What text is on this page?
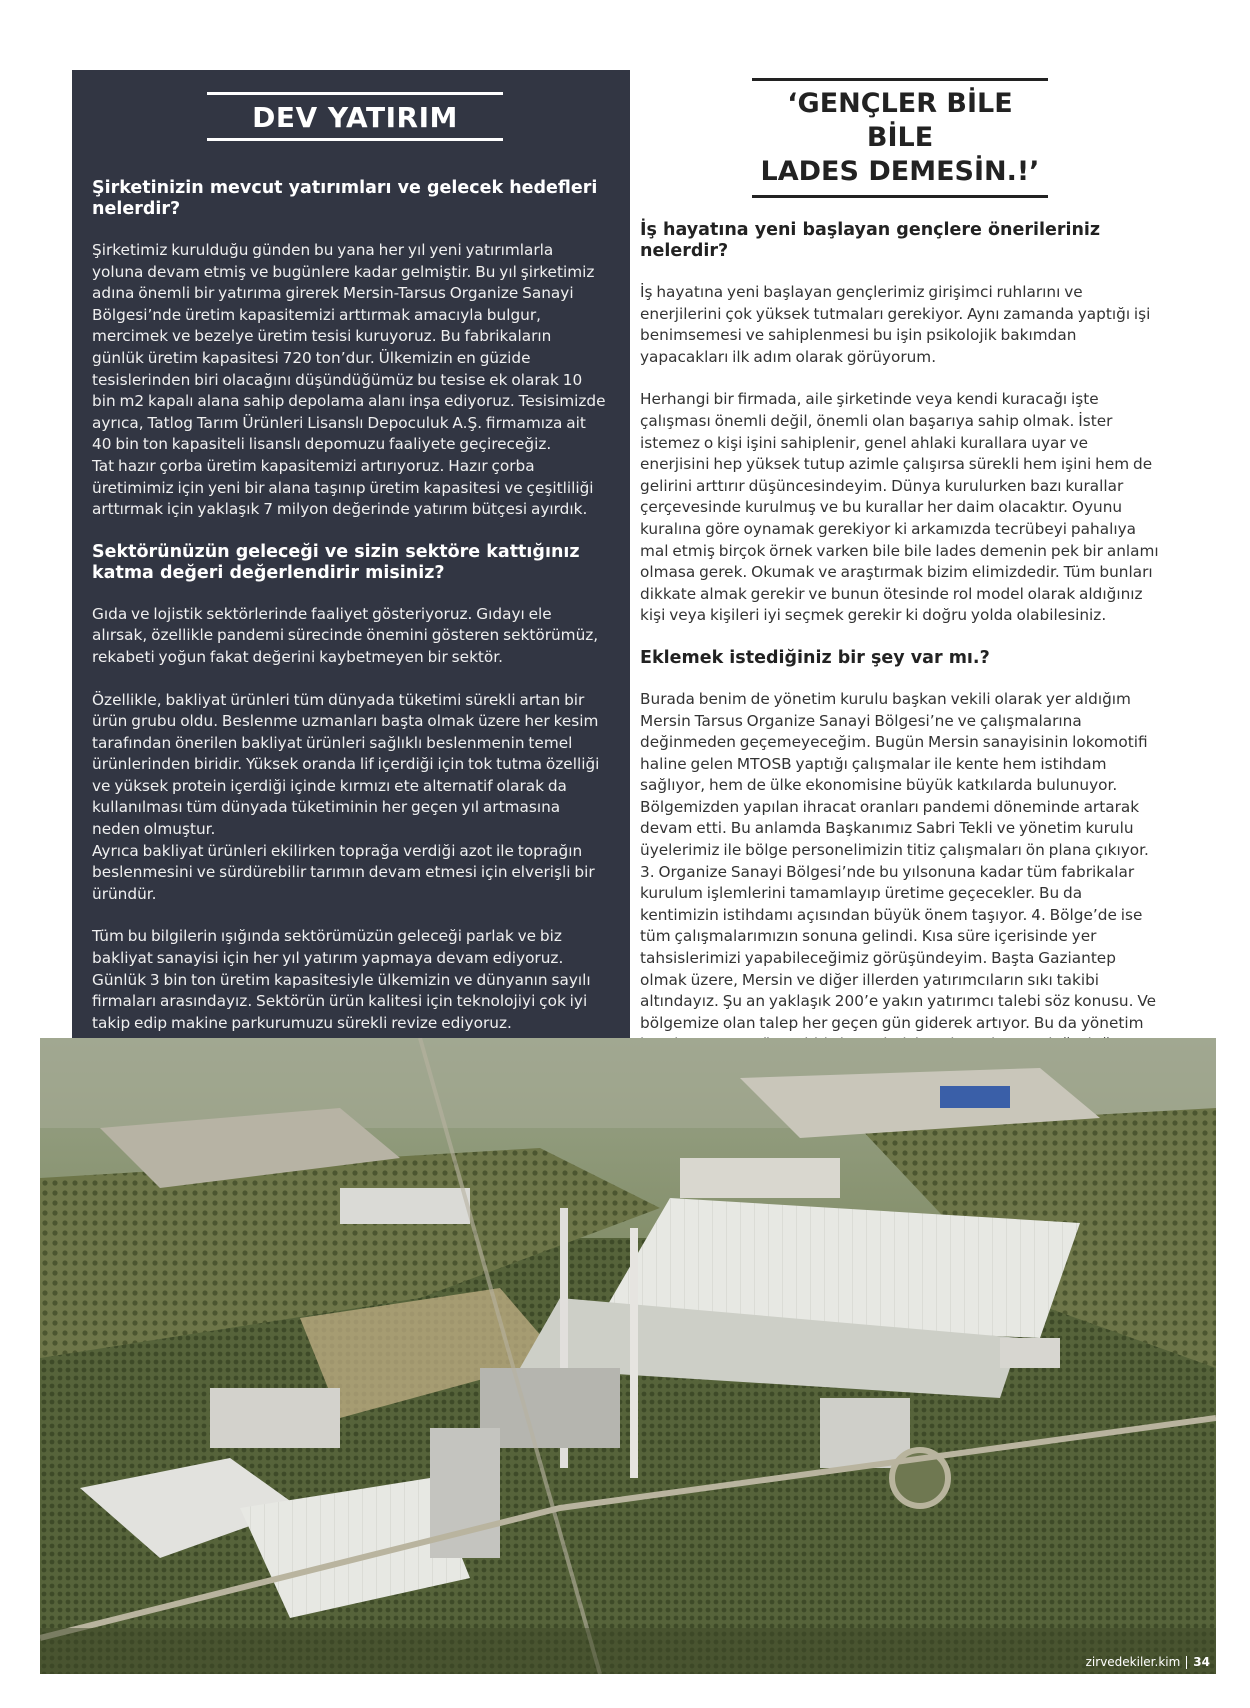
DEV YATIRIM

Şirketinizin mevcut yatırımları ve gelecek hedefleri nelerdir?

Şirketimiz kurulduğu günden bu yana her yıl yeni yatırımlarla yoluna devam etmiş ve bugünlere kadar gelmiştir. Bu yıl şirketimiz adına önemli bir yatırıma girerek Mersin-Tarsus Organize Sanayi Bölgesi’nde üretim kapasitemizi arttırmak amacıyla bulgur, mercimek ve bezelye üretim tesisi kuruyoruz. Bu fabrikaların günlük üretim kapasitesi 720 ton’dur. Ülkemizin en güzide tesislerinden biri olacağını düşündüğümüz bu tesise ek olarak 10 bin m2 kapalı alana sahip depolama alanı inşa ediyoruz. Tesisimizde ayrıca, Tatlog Tarım Ürünleri Lisanslı Depoculuk A.Ş. firmamıza ait 40 bin ton kapasiteli lisanslı depomuzu faaliyete geçireceğiz.

Tat hazır çorba üretim kapasitemizi artırıyoruz. Hazır çorba üretimimiz için yeni bir alana taşınıp üretim kapasitesi ve çeşitliliği arttırmak için yaklaşık 7 milyon değerinde yatırım bütçesi ayırdık.

Sektörünüzün geleceği ve sizin sektöre kattığınız katma değeri değerlendirir misiniz?

Gıda ve lojistik sektörlerinde faaliyet gösteriyoruz. Gıdayı ele alırsak, özellikle pandemi sürecinde önemini gösteren sektörümüz, rekabeti yoğun fakat değerini kaybetmeyen bir sektör.

Özellikle, bakliyat ürünleri tüm dünyada tüketimi sürekli artan bir ürün grubu oldu. Beslenme uzmanları başta olmak üzere her kesim tarafından önerilen bakliyat ürünleri sağlıklı beslenmenin temel ürünlerinden biridir. Yüksek oranda lif içerdiği için tok tutma özelliği ve yüksek protein içerdiği içinde kırmızı ete alternatif olarak da kullanılması tüm dünyada tüketiminin her geçen yıl artmasına neden olmuştur.

Ayrıca bakliyat ürünleri ekilirken toprağa verdiği azot ile toprağın beslenmesini ve sürdürebilir tarımın devam etmesi için elverişli bir üründür.

Tüm bu bilgilerin ışığında sektörümüzün geleceği parlak ve biz bakliyat sanayisi için her yıl yatırım yapmaya devam ediyoruz. Günlük 3 bin ton üretim kapasitesiyle ülkemizin ve dünyanın sayılı firmaları arasındayız. Sektörün ürün kalitesi için teknolojiyi çok iyi takip edip makine parkurumuzu sürekli revize ediyoruz.

‘GENÇLER BİLE BİLE
LADES DEMESİN.!’

İş hayatına yeni başlayan gençlere önerileriniz nelerdir?

İş hayatına yeni başlayan gençlerimiz girişimci ruhlarını ve enerjilerini çok yüksek tutmaları gerekiyor. Aynı zamanda yaptığı işi benimsemesi ve sahiplenmesi bu işin psikolojik bakımdan yapacakları ilk adım olarak görüyorum.

Herhangi bir firmada, aile şirketinde veya kendi kuracağı işte çalışması önemli değil, önemli olan başarıya sahip olmak. İster istemez o kişi işini sahiplenir, genel ahlaki kurallara uyar ve enerjisini hep yüksek tutup azimle çalışırsa sürekli hem işini hem de gelirini arttırır düşüncesindeyim. Dünya kurulurken bazı kurallar çerçevesinde kurulmuş ve bu kurallar her daim olacaktır. Oyunu kuralına göre oynamak gerekiyor ki arkamızda tecrübeyi pahalıya mal etmiş birçok örnek varken bile bile lades demenin pek bir anlamı olmasa gerek. Okumak ve araştırmak bizim elimizdedir. Tüm bunları dikkate almak gerekir ve bunun ötesinde rol model olarak aldığınız kişi veya kişileri iyi seçmek gerekir ki doğru yolda olabilesiniz.

Eklemek istediğiniz bir şey var mı.?

Burada benim de yönetim kurulu başkan vekili olarak yer aldığım Mersin Tarsus Organize Sanayi Bölgesi’ne ve çalışmalarına değinmeden geçemeyeceğim. Bugün Mersin sanayisinin lokomotifi haline gelen MTOSB yaptığı çalışmalar ile kente hem istihdam sağlıyor, hem de ülke ekonomisine büyük katkılarda bulunuyor. Bölgemizden yapılan ihracat oranları pandemi döneminde artarak devam etti. Bu anlamda Başkanımız Sabri Tekli ve yönetim kurulu üyelerimiz ile bölge personelimizin titiz çalışmaları ön plana çıkıyor. 3. Organize Sanayi Bölgesi’nde bu yılsonuna kadar tüm fabrikalar kurulum işlemlerini tamamlayıp üretime geçecekler. Bu da kentimizin istihdamı açısından büyük önem taşıyor. 4. Bölge’de ise tüm çalışmalarımızın sonuna gelindi. Kısa süre içerisinde yer tahsislerimizi yapabileceğimiz görüşündeyim. Başta Gaziantep olmak üzere, Mersin ve diğer illerden yatırımcıların sıkı takibi altındayız. Şu an yaklaşık 200’e yakın yatırımcı talebi söz konusu. Ve bölgemize olan talep her geçen gün giderek artıyor. Bu da yönetim

zirvedekiler.kim 34
